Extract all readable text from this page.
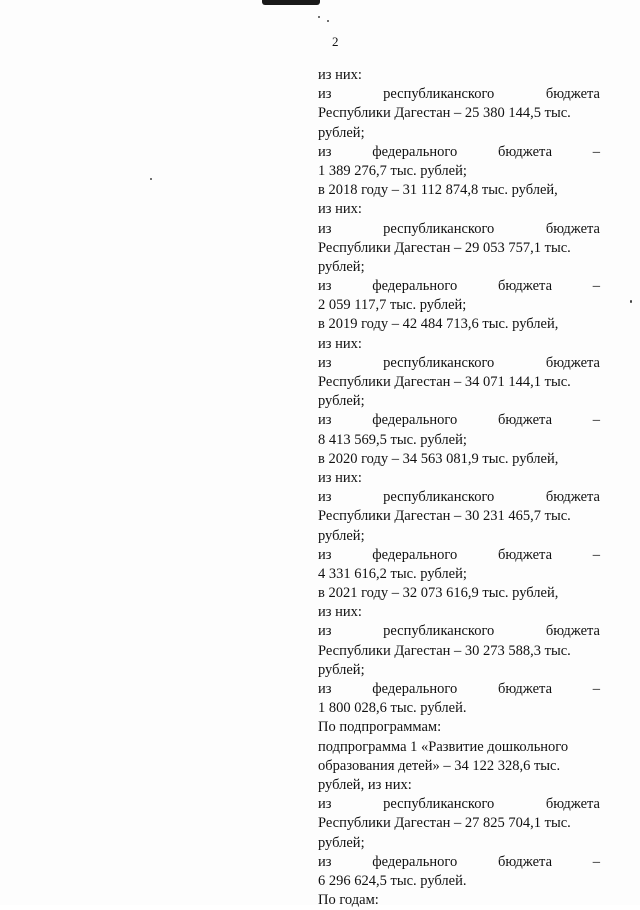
2
из них:
из	республиканского	бюджета
Республики Дагестан – 25 380 144,5 тыс.
рублей;
из	федерального	бюджета	–
1 389 276,7 тыс. рублей;
в 2018 году – 31 112 874,8 тыс. рублей,
из них:
из	республиканского	бюджета
Республики Дагестан – 29 053 757,1 тыс.
рублей;
из	федерального	бюджета	–
2 059 117,7 тыс. рублей;
в 2019 году – 42 484 713,6 тыс. рублей,
из них:
из	республиканского	бюджета
Республики Дагестан – 34 071 144,1 тыс.
рублей;
из	федерального	бюджета	–
8 413 569,5 тыс. рублей;
в 2020 году – 34 563 081,9 тыс. рублей,
из них:
из	республиканского	бюджета
Республики Дагестан – 30 231 465,7 тыс.
рублей;
из	федерального	бюджета	–
4 331 616,2 тыс. рублей;
в 2021 году – 32 073 616,9 тыс. рублей,
из них:
из	республиканского	бюджета
Республики Дагестан – 30 273 588,3 тыс.
рублей;
из	федерального	бюджета	–
1 800 028,6 тыс. рублей.
По подпрограммам:
подпрограмма 1 «Развитие дошкольного
образования детей» – 34 122 328,6 тыс.
рублей, из них:
из	республиканского	бюджета
Республики Дагестан – 27 825 704,1 тыс.
рублей;
из	федерального	бюджета	–
6 296 624,5 тыс. рублей.
По годам:
